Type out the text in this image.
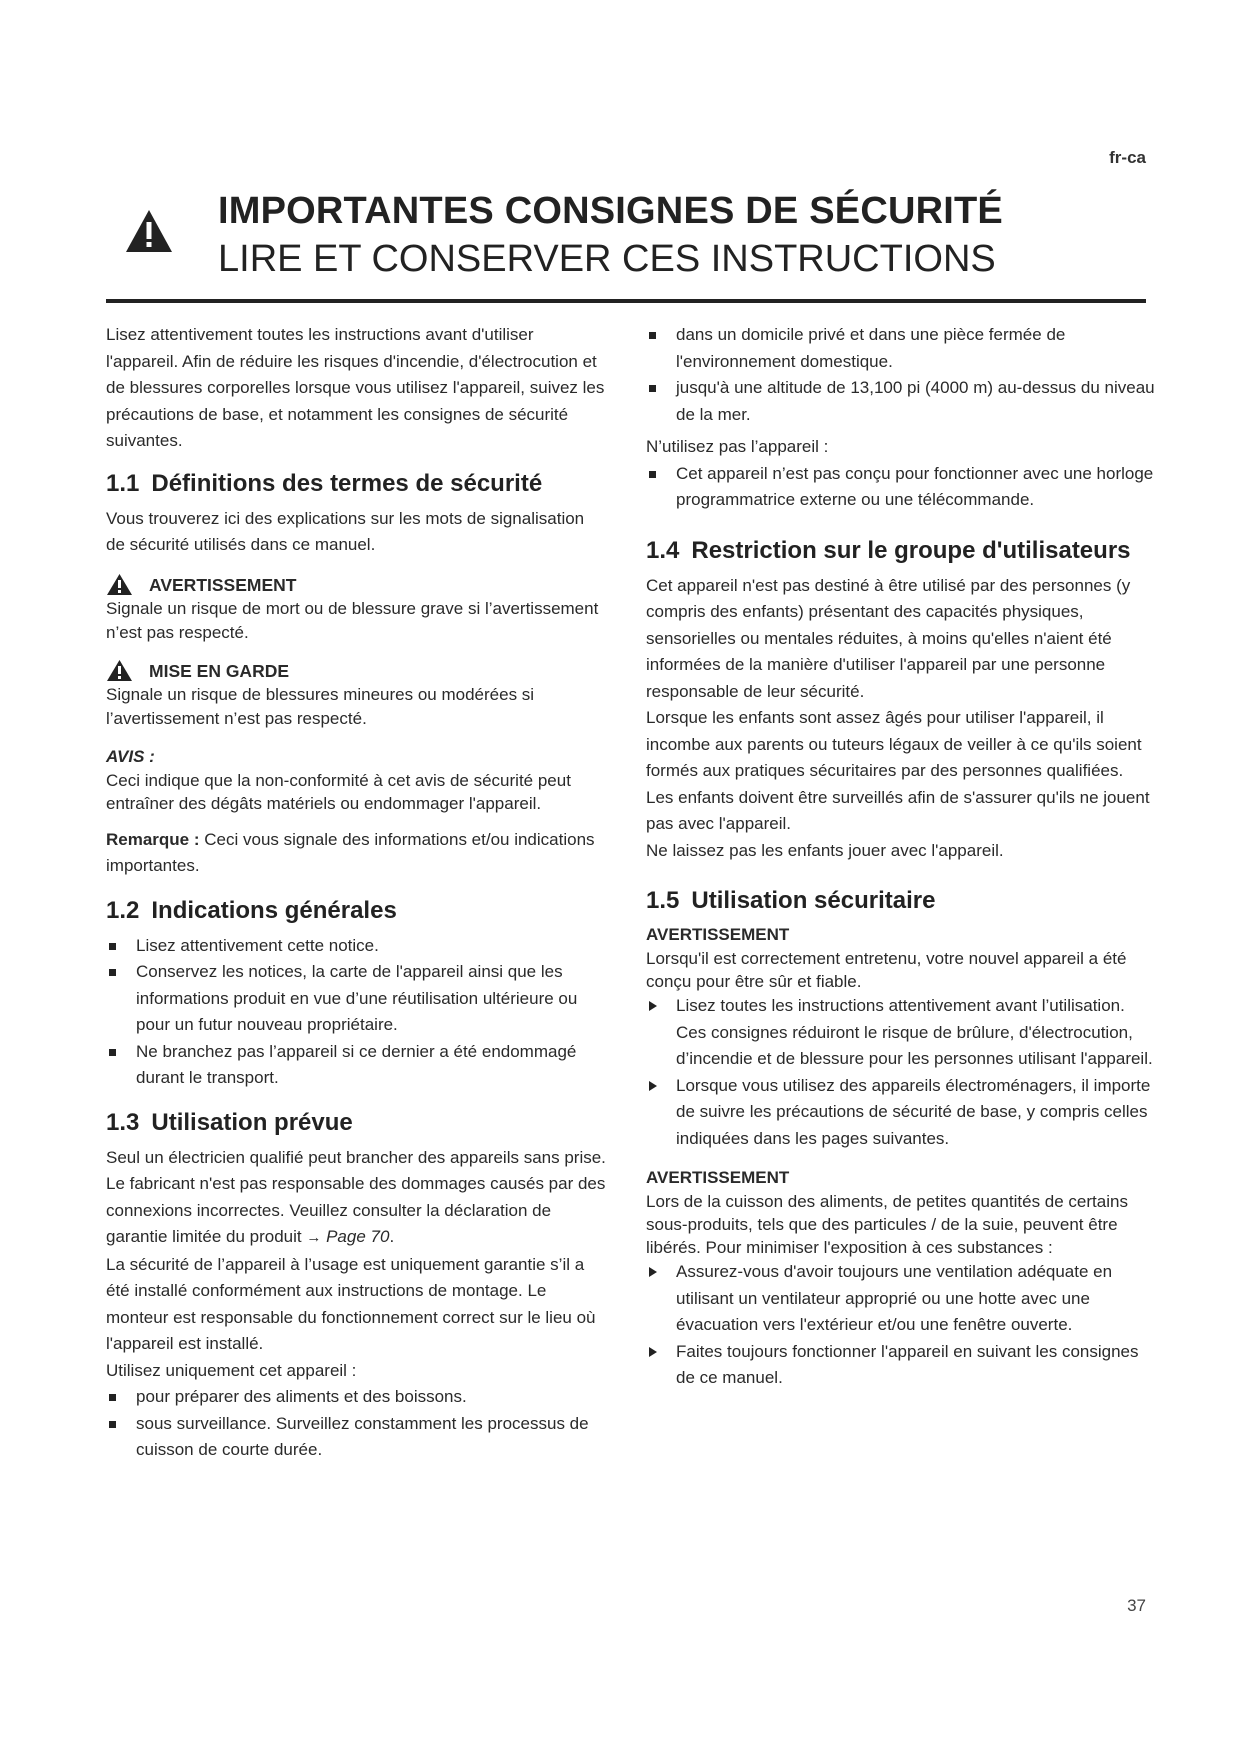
fr-ca
IMPORTANTES CONSIGNES DE SÉCURITÉ
LIRE ET CONSERVER CES INSTRUCTIONS

Lisez attentivement toutes les instructions avant d'utiliser l'appareil. Afin de réduire les risques d'incendie, d'électrocution et de blessures corporelles lorsque vous utilisez l'appareil, suivez les précautions de base, et notamment les consignes de sécurité suivantes.

1.1 Définitions des termes de sécurité

Vous trouverez ici des explications sur les mots de signalisation de sécurité utilisés dans ce manuel.

AVERTISSEMENT

Signale un risque de mort ou de blessure grave si l’avertissement n’est pas respecté.

MISE EN GARDE

Signale un risque de blessures mineures ou modérées si l’avertissement n’est pas respecté.

AVIS :

Ceci indique que la non-conformité à cet avis de sécurité peut entraîner des dégâts matériels ou endommager l'appareil.

Remarque : Ceci vous signale des informations et/ou indications importantes.

1.2 Indications générales
Lisez attentivement cette notice.
Conservez les notices, la carte de l'appareil ainsi que les informations produit en vue d’une réutilisation ultérieure ou pour un futur nouveau propriétaire.
Ne branchez pas l’appareil si ce dernier a été endommagé durant le transport.
1.3 Utilisation prévue

Seul un électricien qualifié peut brancher des appareils sans prise. Le fabricant n'est pas responsable des dommages causés par des connexions incorrectes. Veuillez consulter la déclaration de garantie limitée du produit → Page 70.

La sécurité de l’appareil à l’usage est uniquement garantie s’il a été installé conformément aux instructions de montage. Le monteur est responsable du fonctionnement correct sur le lieu où l'appareil est installé.

Utilisez uniquement cet appareil :

pour préparer des aliments et des boissons.
sous surveillance. Surveillez constamment les processus de cuisson de courte durée.
dans un domicile privé et dans une pièce fermée de l'environnement domestique.
jusqu'à une altitude de 13,100 pi (4000 m) au-dessus du niveau de la mer.

N’utilisez pas l’appareil :

Cet appareil n’est pas conçu pour fonctionner avec une horloge programmatrice externe ou une télécommande.
1.4 Restriction sur le groupe d'utilisateurs

Cet appareil n'est pas destiné à être utilisé par des personnes (y compris des enfants) présentant des capacités physiques, sensorielles ou mentales réduites, à moins qu'elles n'aient été informées de la manière d'utiliser l'appareil par une personne responsable de leur sécurité.

Lorsque les enfants sont assez âgés pour utiliser l'appareil, il incombe aux parents ou tuteurs légaux de veiller à ce qu'ils soient formés aux pratiques sécuritaires par des personnes qualifiées.

Les enfants doivent être surveillés afin de s'assurer qu'ils ne jouent pas avec l'appareil.

Ne laissez pas les enfants jouer avec l'appareil.

1.5 Utilisation sécuritaire
AVERTISSEMENT

Lorsqu'il est correctement entretenu, votre nouvel appareil a été conçu pour être sûr et fiable.

Lisez toutes les instructions attentivement avant l’utilisation. Ces consignes réduiront le risque de brûlure, d'électrocution, d’incendie et de blessure pour les personnes utilisant l'appareil.
Lorsque vous utilisez des appareils électroménagers, il importe de suivre les précautions de sécurité de base, y compris celles indiquées dans les pages suivantes.
AVERTISSEMENT

Lors de la cuisson des aliments, de petites quantités de certains sous-produits, tels que des particules / de la suie, peuvent être libérés. Pour minimiser l'exposition à ces substances :

Assurez-vous d'avoir toujours une ventilation adéquate en utilisant un ventilateur approprié ou une hotte avec une évacuation vers l'extérieur et/ou une fenêtre ouverte.
Faites toujours fonctionner l'appareil en suivant les consignes de ce manuel.
37
